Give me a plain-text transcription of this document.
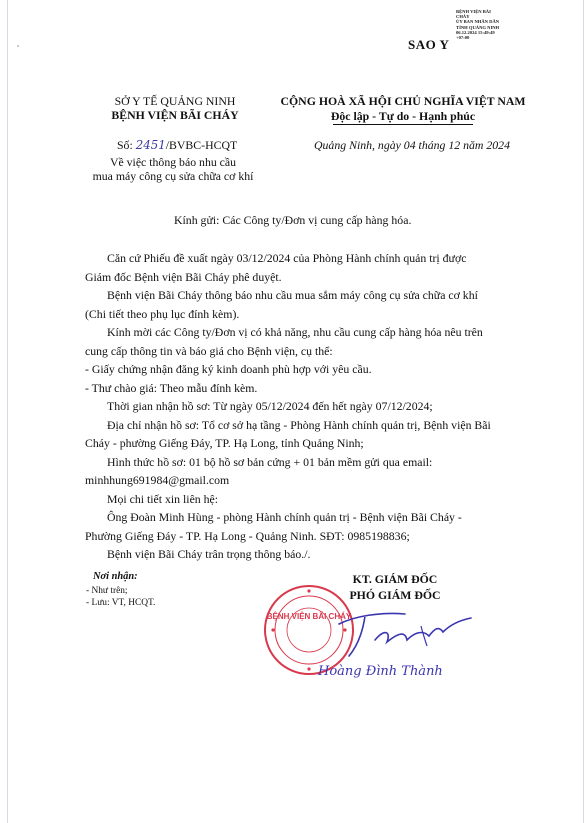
SAO Y
BỆNH VIỆN BÃI
CHÁY
ỦY BAN NHÂN DÂN
TỈNH QUẢNG NINH
06.12.2024 15:49:49
+07:00
SỞ Y TẾ QUẢNG NINH
BỆNH VIỆN BÃI CHÁY
Số: 2451/BVBC-HCQT
Về việc thông báo nhu cầu
mua máy công cụ sửa chữa cơ khí
CỘNG HOÀ XÃ HỘI CHỦ NGHĨA VIỆT NAM
Độc lập - Tự do - Hạnh phúc
Quảng Ninh, ngày 04 tháng 12 năm 2024
Kính gửi: Các Công ty/Đơn vị cung cấp hàng hóa.

Căn cứ Phiếu đề xuất ngày 03/12/2024 của Phòng Hành chính quản trị được

Giám đốc Bệnh viện Bãi Cháy phê duyệt.

Bệnh viện Bãi Cháy thông báo nhu cầu mua sắm máy công cụ sửa chữa cơ khí

(Chi tiết theo phụ lục đính kèm).

Kính mời các Công ty/Đơn vị có khả năng, nhu cầu cung cấp hàng hóa nêu trên

cung cấp thông tin và báo giá cho Bệnh viện, cụ thể:

- Giấy chứng nhận đăng ký kinh doanh phù hợp với yêu cầu.

- Thư chào giá: Theo mẫu đính kèm.

Thời gian nhận hồ sơ: Từ ngày 05/12/2024 đến hết ngày 07/12/2024;

Địa chỉ nhận hồ sơ: Tổ cơ sở hạ tầng - Phòng Hành chính quản trị, Bệnh viện Bãi

Cháy - phường Giếng Đáy, TP. Hạ Long, tỉnh Quảng Ninh;

Hình thức hồ sơ: 01 bộ hồ sơ bản cứng + 01 bản mềm gửi qua email:

minhhung691984@gmail.com

Mọi chi tiết xin liên hệ:

Ông Đoàn Minh Hùng - phòng Hành chính quản trị - Bệnh viện Bãi Cháy -

Phường Giếng Đáy - TP. Hạ Long - Quảng Ninh. SĐT: 0985198836;

Bệnh viện Bãi Cháy trân trọng thông báo./.

Nơi nhận:
- Như trên;
- Lưu: VT, HCQT.
KT. GIÁM ĐỐC
PHÓ GIÁM ĐỐC
BỆNH VIỆN BÃI CHÁY
Hoàng Đình Thành
